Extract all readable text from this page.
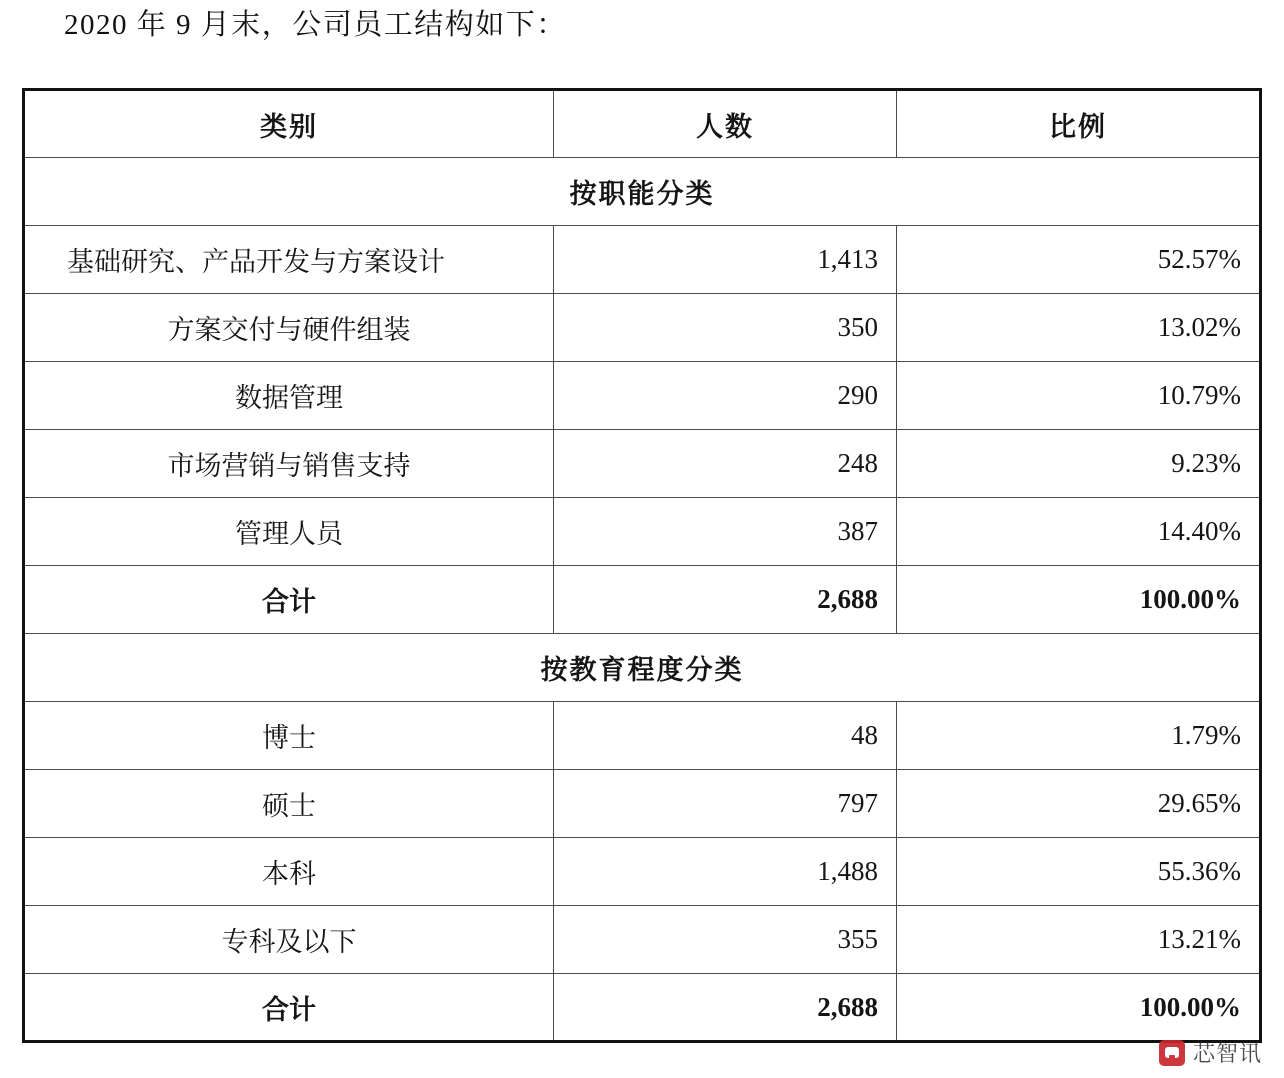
2020 年 9 月末，公司员工结构如下：
类别	人数	比例
按职能分类		
基础研究、产品开发与方案设计	1,413	52.57%
方案交付与硬件组装	350	13.02%
数据管理	290	10.79%
市场营销与销售支持	248	9.23%
管理人员	387	14.40%
合计	2,688	100.00%
按教育程度分类		
博士	48	1.79%
硕士	797	29.65%
本科	1,488	55.36%
专科及以下	355	13.21%
合计	2,688	100.00%
芯智讯
